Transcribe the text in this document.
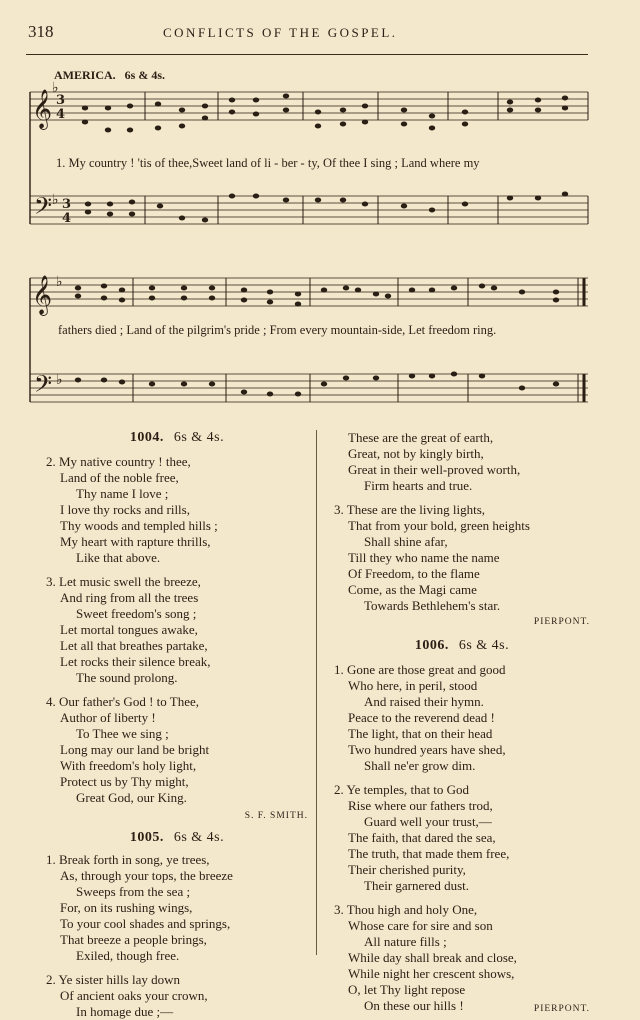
318	CONFLICTS OF THE GOSPEL.
AMERICA. 6s & 4s.
𝄞
𝄢
𝄞
𝄢
3
4
3
4
♭
♭
♭
♭
1. My country ! 'tis of thee,Sweet land of li - ber - ty, Of thee I sing ; Land where my
fathers died ; Land of the pilgrim's pride ; From every mountain-side, Let freedom ring.
1004. 6s & 4s.
2. My native country ! thee,
Land of the noble free,
Thy name I love ;
I love thy rocks and rills,
Thy woods and templed hills ;
My heart with rapture thrills,
Like that above.
3. Let music swell the breeze,
And ring from all the trees
Sweet freedom's song ;
Let mortal tongues awake,
Let all that breathes partake,
Let rocks their silence break,
The sound prolong.
4. Our father's God ! to Thee,
Author of liberty !
To Thee we sing ;
Long may our land be bright
With freedom's holy light,
Protect us by Thy might,
Great God, our King.
S. F. SMITH.
1005. 6s & 4s.
1. Break forth in song, ye trees,
As, through your tops, the breeze
Sweeps from the sea ;
For, on its rushing wings,
To your cool shades and springs,
That breeze a people brings,
Exiled, though free.
2. Ye sister hills lay down
Of ancient oaks your crown,
In homage due ;—
These are the great of earth,
Great, not by kingly birth,
Great in their well-proved worth,
Firm hearts and true.
3. These are the living lights,
That from your bold, green heights
Shall shine afar,
Till they who name the name
Of Freedom, to the flame
Come, as the Magi came
Towards Bethlehem's star.
PIERPONT.
1006. 6s & 4s.
1. Gone are those great and good
Who here, in peril, stood
And raised their hymn.
Peace to the reverend dead !
The light, that on their head
Two hundred years have shed,
Shall ne'er grow dim.
2. Ye temples, that to God
Rise where our fathers trod,
Guard well your trust,—
The faith, that dared the sea,
The truth, that made them free,
Their cherished purity,
Their garnered dust.
3. Thou high and holy One,
Whose care for sire and son
All nature fills ;
While day shall break and close,
While night her crescent shows,
O, let Thy light repose
On these our hills !	PIERPONT.
